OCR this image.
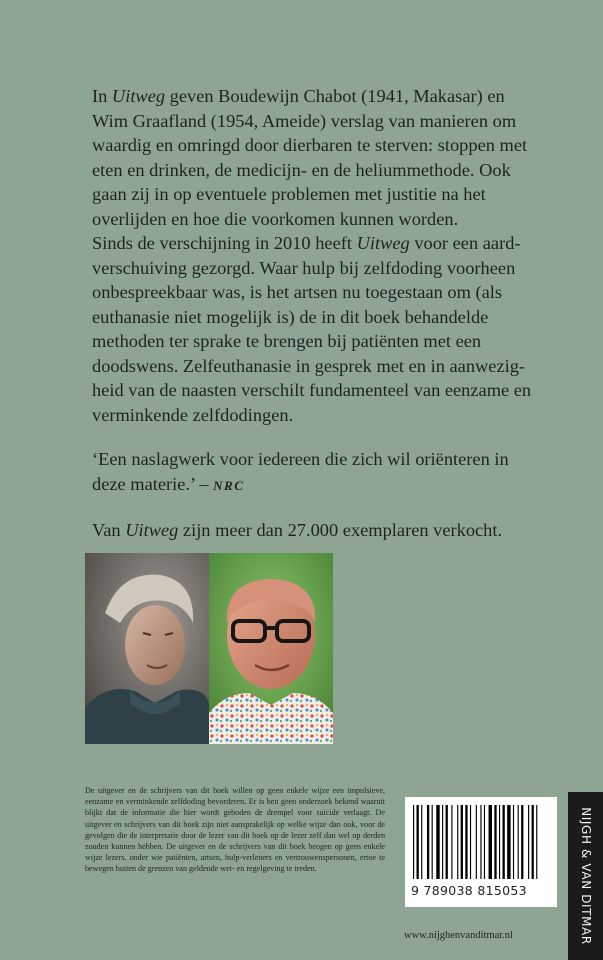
In Uitweg geven Boudewijn Chabot (1941, Makasar) en Wim Graafland (1954, Ameide) verslag van manieren om waardig en omringd door dierbaren te sterven: stoppen met eten en drinken, de medicijn- en de heliummethode. Ook gaan zij in op eventuele problemen met justitie na het overlijden en hoe die voorkomen kunnen worden.

Sinds de verschijning in 2010 heeft Uitweg voor een aard-verschuiving gezorgd. Waar hulp bij zelfdoding voorheen onbespreekbaar was, is het artsen nu toegestaan om (als euthanasie niet mogelijk is) de in dit boek behandelde methoden ter sprake te brengen bij patiënten met een doodswens. Zelfeuthanasie in gesprek met en in aanwezig-heid van de naasten verschilt fundamenteel van eenzame en verminkende zelfdodingen.

‘Een naslagwerk voor iedereen die zich wil oriënteren in deze materie.’ – NRC

Van Uitweg zijn meer dan 27.000 exemplaren verkocht.

De uitgever en de schrijvers van dit boek willen op geen enkele wijze een impulsieve, eenzame en verminkende zelfdoding bevorderen. Er is hen geen onderzoek bekend waaruit blijkt dat de informatie die hier wordt geboden de drempel voor suïcide verlaagt. De uitgever en schrijvers van dit boek zijn niet aansprakelijk op welke wijze dan ook, voor de gevolgen die de interpretatie door de lezer van dit boek op de lezer zelf dan wel op derden zouden kunnen hebben. De uitgever en de schrijvers van dit boek beogen op geen enkele wijze lezers, onder wie patiënten, artsen, hulp-verleners en vertrouwenspersonen, ertoe te bewegen buiten de grenzen van geldende wet- en regelgeving te treden.
9 789038 815053
www.nijghenvanditmar.nl	NIJGH & VAN DITMAR
